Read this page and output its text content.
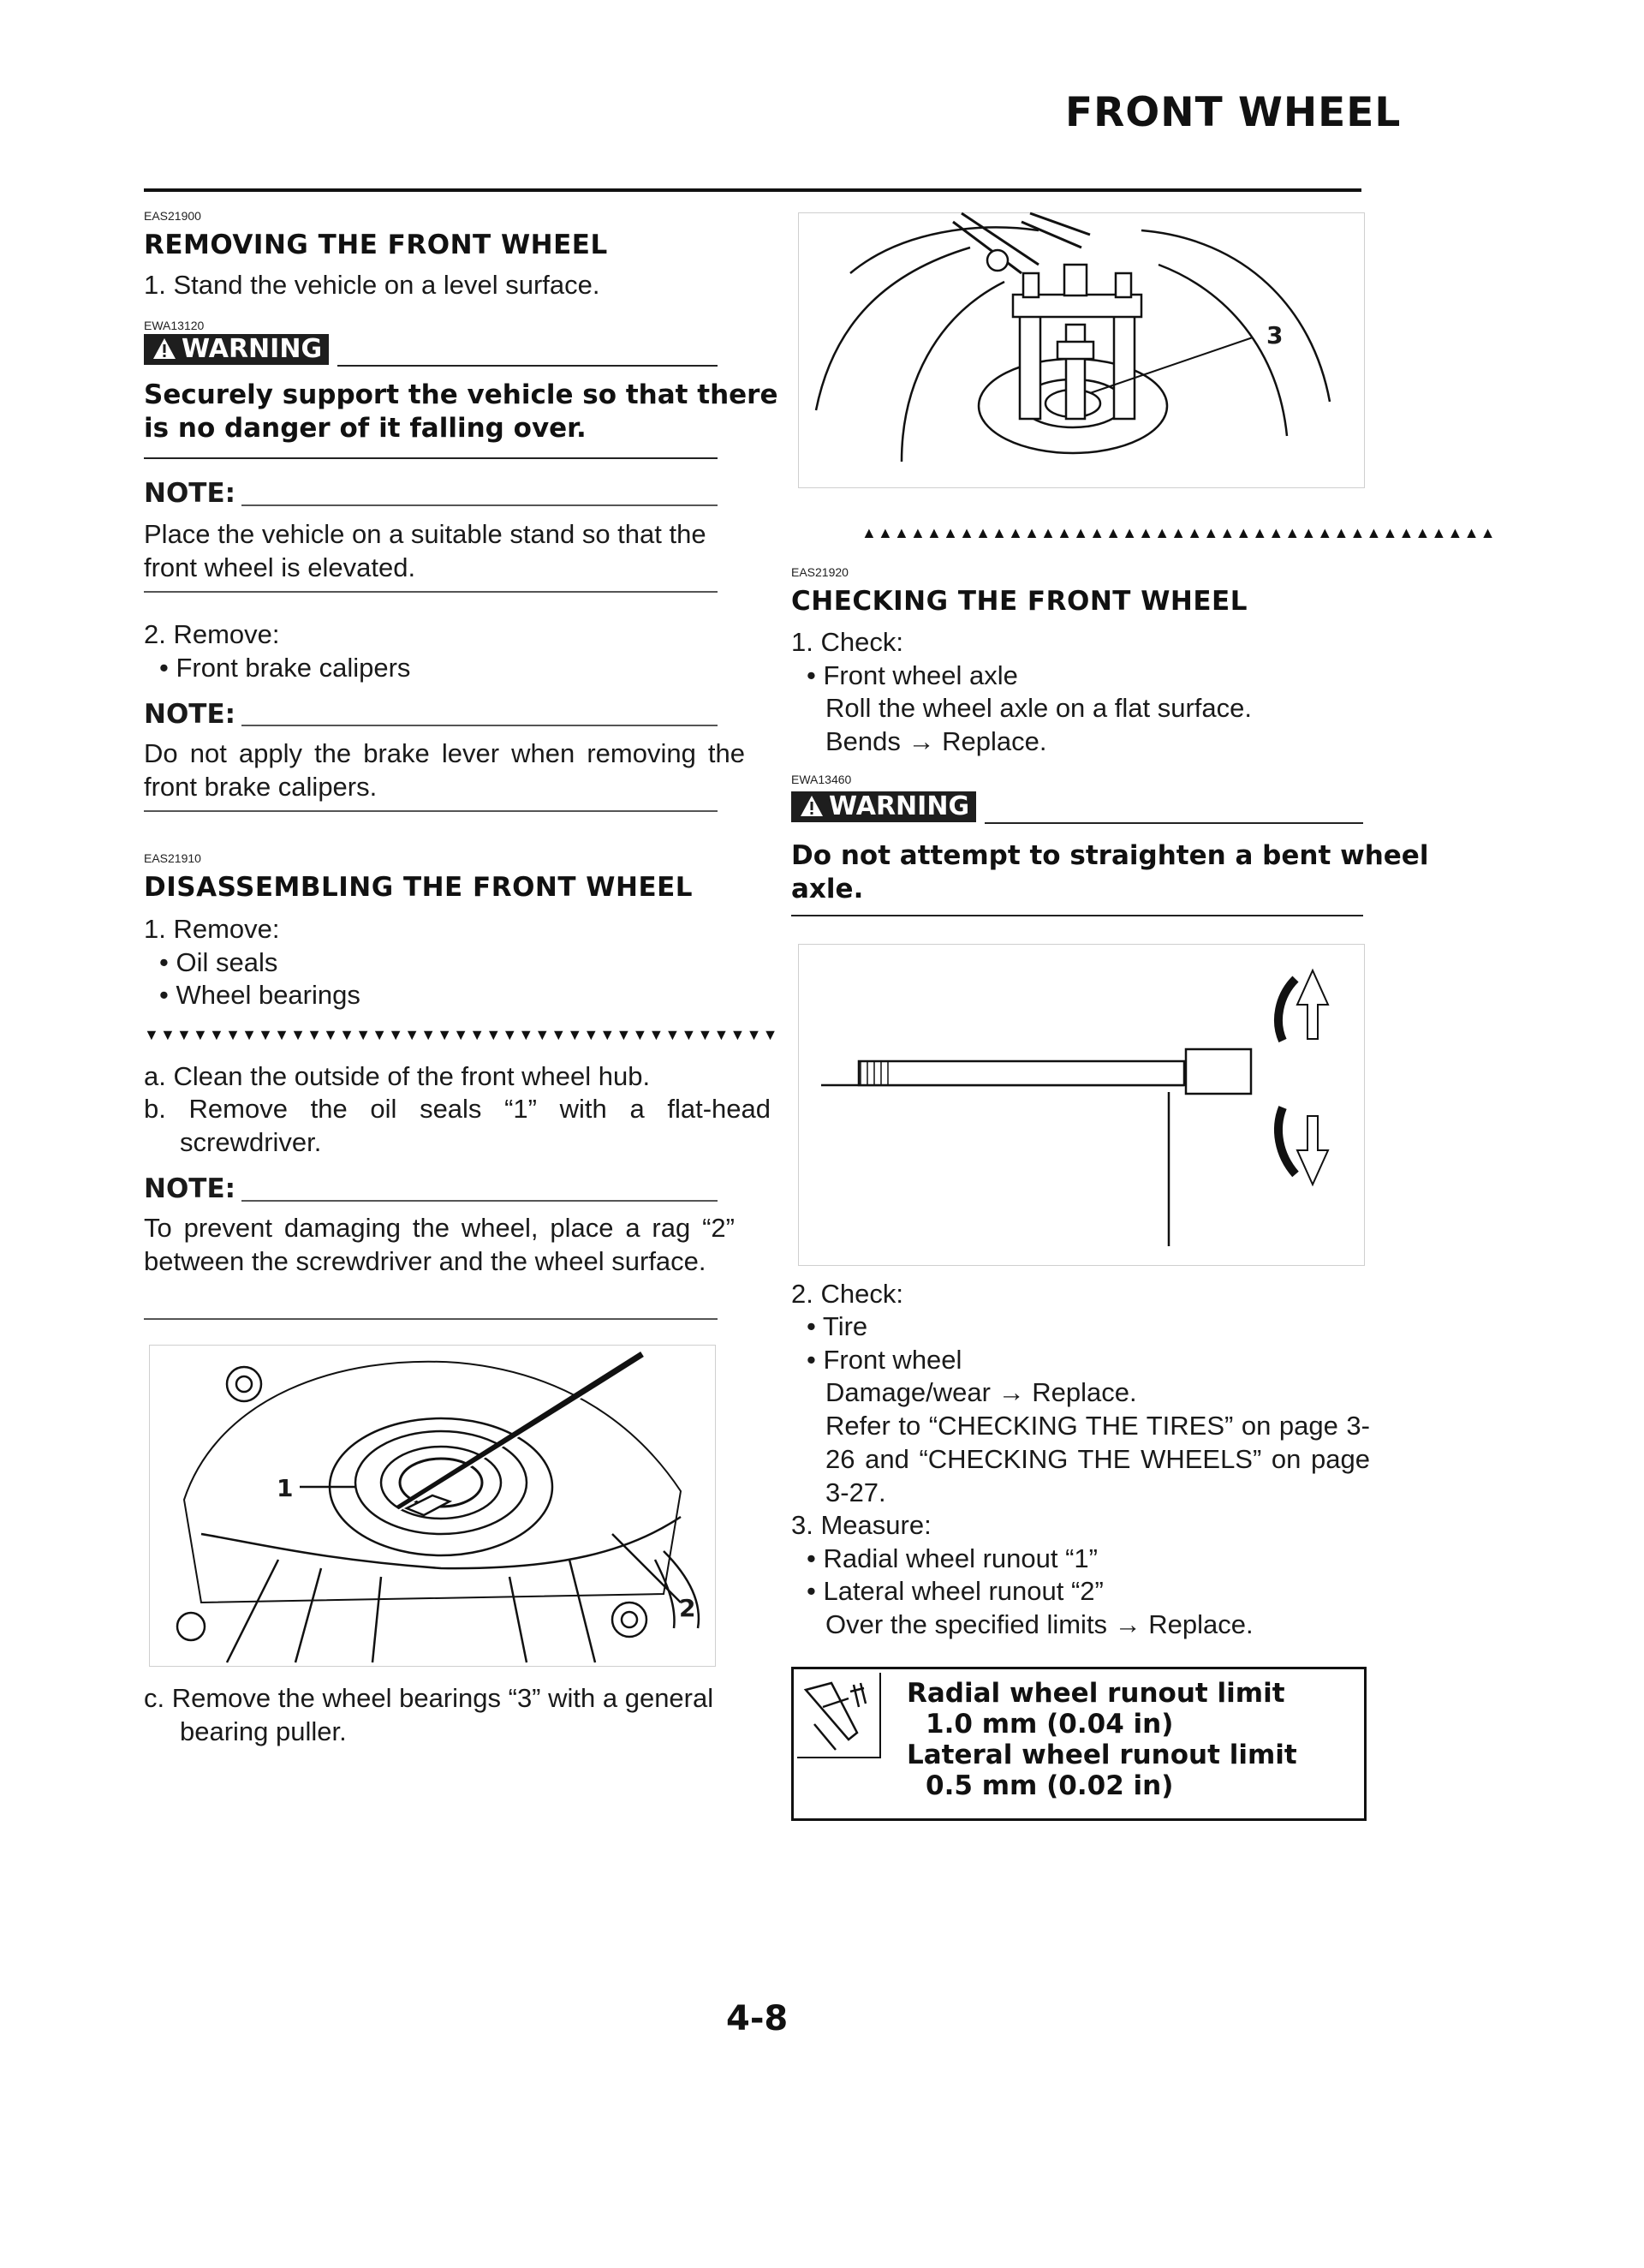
FRONT WHEEL
EAS21900
REMOVING THE FRONT WHEEL
1. Stand the vehicle on a level surface.
EWA13120
WARNING
Securely support the vehicle so that there is no danger of it falling over.
NOTE:
Place the vehicle on a suitable stand so that the front wheel is elevated.
2. Remove:
• Front brake calipers
NOTE:
Do not apply the brake lever when removing the front brake calipers.
EAS21910
DISASSEMBLING THE FRONT WHEEL
1. Remove:
• Oil seals
• Wheel bearings
▼▼▼▼▼▼▼▼▼▼▼▼▼▼▼▼▼▼▼▼▼▼▼▼▼▼▼▼▼▼▼▼▼▼▼▼▼▼▼
a. Clean the outside of the front wheel hub.
b. Remove the oil seals “1” with a flat-head screwdriver.
NOTE:
To prevent damaging the wheel, place a rag “2” between the screwdriver and the wheel surface.
1
2
c. Remove the wheel bearings “3” with a general bearing puller.
3
▲▲▲▲▲▲▲▲▲▲▲▲▲▲▲▲▲▲▲▲▲▲▲▲▲▲▲▲▲▲▲▲▲▲▲▲▲▲▲
EAS21920
CHECKING THE FRONT WHEEL
1. Check:
• Front wheel axle
Roll the wheel axle on a flat surface.
Bends → Replace.
EWA13460
WARNING
Do not attempt to straighten a bent wheel axle.
2. Check:
• Tire
• Front wheel
Damage/wear → Replace.
Refer to “CHECKING THE TIRES” on page 3-26 and “CHECKING THE WHEELS” on page 3-27.
3. Measure:
• Radial wheel runout “1”
• Lateral wheel runout “2”
Over the specified limits → Replace.
Radial wheel runout limit
1.0 mm (0.04 in)
Lateral wheel runout limit
0.5 mm (0.02 in)
4-8
